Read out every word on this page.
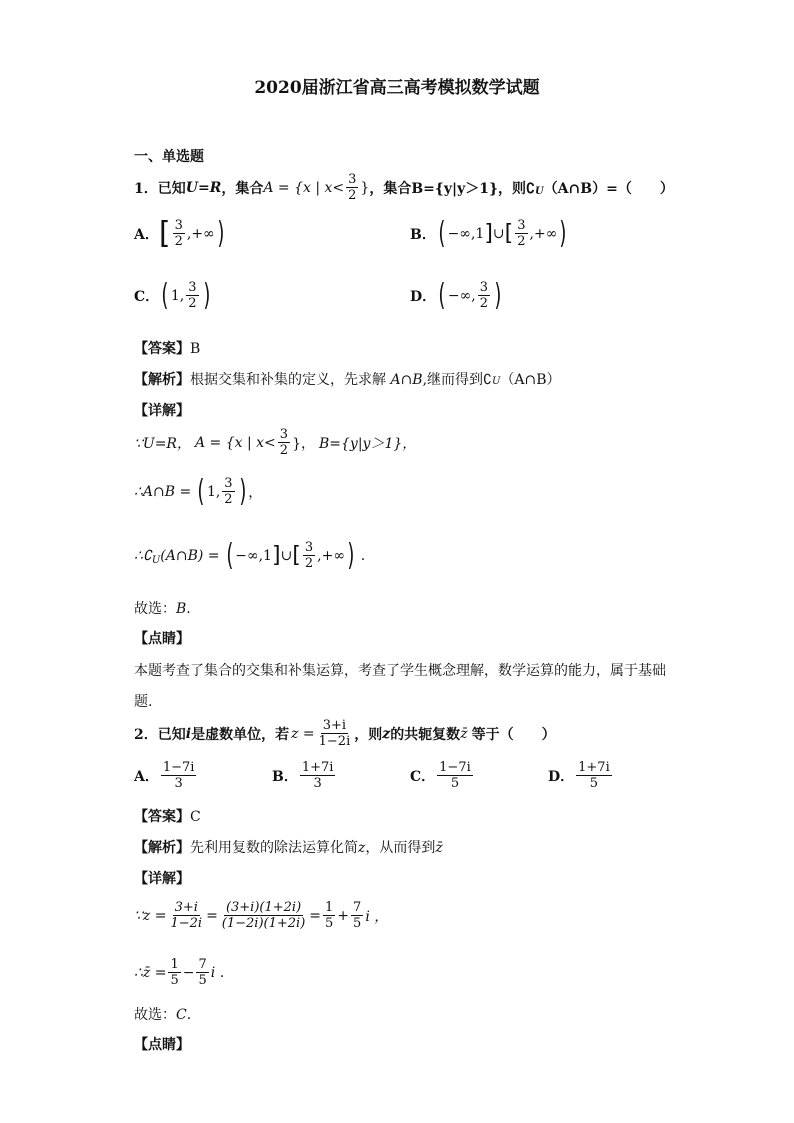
2020届浙江省高三高考模拟数学试题
一、单选题
1．已知 U = R ，集合 A = {x | $x< \frac{3}{2}$ } ，集合 B={y|y＞1}，则∁ U （A∩B）=（　　）
A． [ $\frac{3}{2}$ ,+∞ )	B． ( −∞,1 ] ∪ [ $\frac{3}{2}$ ,+∞ )
C． ( 1, $\frac{3}{2}$ )	D． ( −∞, $\frac{3}{2}$ )
【答案】B
【解析】根据交集和补集的定义，先求解 A∩B,继而得到∁U（A∩B）
【详解】
∵U=R， A = {x | $x< \frac{3}{2}$ }， B={y|y＞1}，
∴A∩B = ( 1, $\frac{3}{2}$ ) ，
∴∁ U (A∩B) = ( −∞,1 ] ∪ [ $\frac{3}{2}$ ,+∞ ) .
故选：B.
【点睛】
本题考查了集合的交集和补集运算，考查了学生概念理解，数学运算的能力，属于基础
题.
2．已知 i 是虚数单位，若 $z = \frac{3+i}{1-2i}$ ，则 z 的共轭复数 z̄ 等于（　　）
A． $\frac{1-7i}{3}$	B． $\frac{1+7i}{3}$	C． $\frac{1-7i}{5}$	D． $\frac{1+7i}{5}$
【答案】C
【解析】先利用复数的除法运算化简z，从而得到z̄
【详解】
∵z = $\frac{3+i}{1-2i} = \frac{(3+i)(1+2i)}{(1-2i)(1+2i)} = \frac{1}{5} + \frac{7}{5}$ i ，
∴z̄ = $\frac{1}{5} - \frac{7}{5}$ i .
故选：C.
【点睛】
